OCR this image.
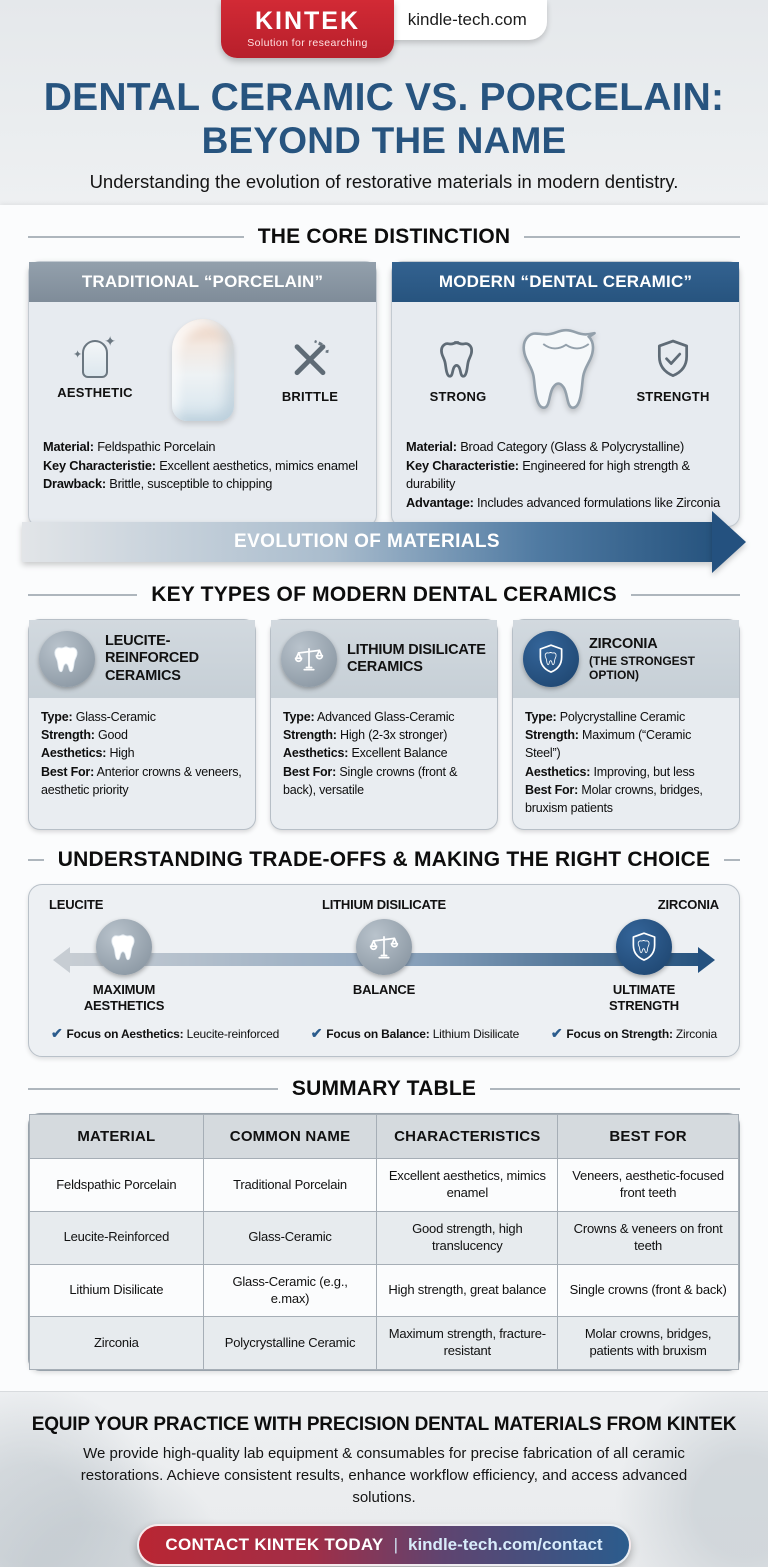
KINTEK
Solution for researching
kindle-tech.com
DENTAL CERAMIC VS. PORCELAIN:
BEYOND THE NAME
Understanding the evolution of restorative materials in modern dentistry.
THE CORE DISTINCTION
TRADITIONAL “PORCELAIN”
✦
✦
AESTHETIC	BRITTLE
Material: Feldspathic Porcelain
Key Characteristie: Excellent aesthetics, mimics enamel
Drawback: Brittle, susceptible to chipping
MODERN “DENTAL CERAMIC”
STRONG	STRENGTH
Material: Broad Category (Glass & Polycrystalline)
Key Characteristie: Engineered for high strength & durability
Advantage: Includes advanced formulations like Zirconia
EVOLUTION OF MATERIALS
KEY TYPES OF MODERN DENTAL CERAMICS
LEUCITE-REINFORCED CERAMICS
Type: Glass-Ceramic
Strength: Good
Aesthetics: High
Best For: Anterior crowns & veneers, aesthetic priority
LITHIUM DISILICATE CERAMICS
Type: Advanced Glass-Ceramic
Strength: High (2-3x stronger)
Aesthetics: Excellent Balance
Best For: Single crowns (front & back), versatile
ZIRCONIA
(THE STRONGEST OPTION)
Type: Polycrystalline Ceramic
Strength: Maximum (“Ceramic Steel”)
Aesthetics: Improving, but less
Best For: Molar crowns, bridges, bruxism patients
UNDERSTANDING TRADE-OFFS & MAKING THE RIGHT CHOICE
LEUCITE
MAXIMUM AESTHETICS
LITHIUM DISILICATE
BALANCE
ZIRCONIA
ULTIMATE STRENGTH
✔ Focus on Aesthetics: Leucite-reinforced ✔ Focus on Balance: Lithium Disilicate ✔ Focus on Strength: Zirconia
SUMMARY TABLE
MATERIAL	COMMON NAME	CHARACTERISTICS	BEST FOR
Feldspathic Porcelain	Traditional Porcelain	Excellent aesthetics, mimics enamel	Veneers, aesthetic-focused front teeth
Leucite-Reinforced	Glass-Ceramic	Good strength, high translucency	Crowns & veneers on front teeth
Lithium Disilicate	Glass-Ceramic (e.g., e.max)	High strength, great balance	Single crowns (front & back)
Zirconia	Polycrystalline Ceramic	Maximum strength, fracture-resistant	Molar crowns, bridges, patients with bruxism
EQUIP YOUR PRACTICE WITH PRECISION DENTAL MATERIALS FROM KINTEK

We provide high-quality lab equipment & consumables for precise fabrication of all ceramic restorations. Achieve consistent results, enhance workflow efficiency, and access advanced solutions.

CONTACT KINTEK TODAY | kindle-tech.com/contact
